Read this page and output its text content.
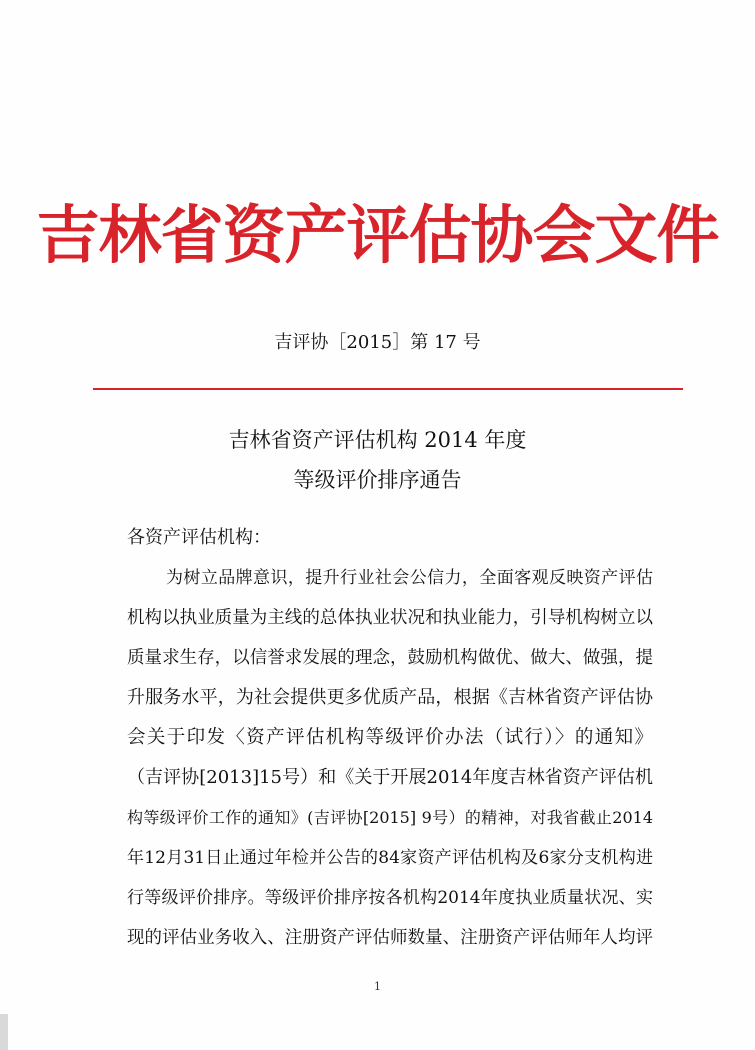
吉林省资产评估协会文件
吉评协［2015］第 17 号
吉林省资产评估机构 2014 年度
等级评价排序通告
各资产评估机构：
为树立品牌意识，提升行业社会公信力，全面客观反映资产评估
机构以执业质量为主线的总体执业状况和执业能力，引导机构树立以
质量求生存，以信誉求发展的理念，鼓励机构做优、做大、做强，提
升服务水平，为社会提供更多优质产品，根据《吉林省资产评估协
会关于印发〈资产评估机构等级评价办法（试行）〉的通知》
（吉评协[2013]15号）和《关于开展2014年度吉林省资产评估机
构等级评价工作的通知》(吉评协[2015] 9号）的精神，对我省截止2014
年12月31日止通过年检并公告的84家资产评估机构及6家分支机构进
行等级评价排序。等级评价排序按各机构2014年度执业质量状况、实
现的评估业务收入、注册资产评估师数量、注册资产评估师年人均评
1
